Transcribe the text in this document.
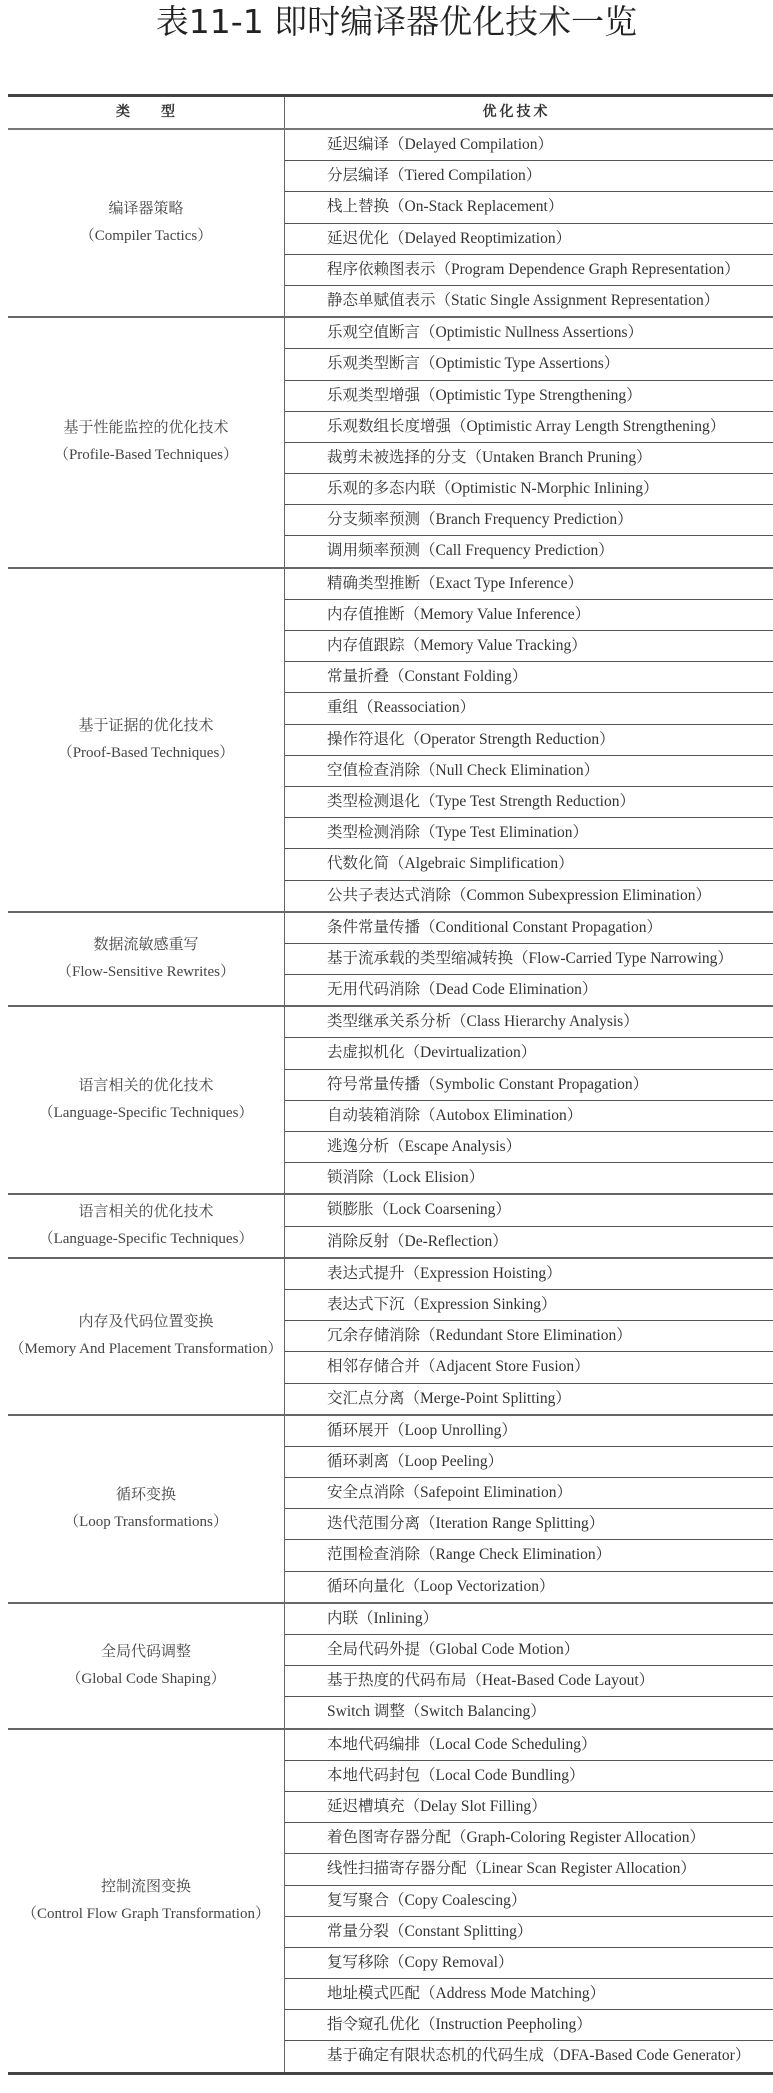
表11-1 即时编译器优化技术一览
类　　型	优化技术
编译器策略
（Compiler Tactics）
延迟编译（Delayed Compilation）
分层编译（Tiered Compilation）
栈上替换（On-Stack Replacement）
延迟优化（Delayed Reoptimization）
程序依赖图表示（Program Dependence Graph Representation）
静态单赋值表示（Static Single Assignment Representation）
基于性能监控的优化技术
（Profile-Based Techniques）
乐观空值断言（Optimistic Nullness Assertions）
乐观类型断言（Optimistic Type Assertions）
乐观类型增强（Optimistic Type Strengthening）
乐观数组长度增强（Optimistic Array Length Strengthening）
裁剪未被选择的分支（Untaken Branch Pruning）
乐观的多态内联（Optimistic N-Morphic Inlining）
分支频率预测（Branch Frequency Prediction）
调用频率预测（Call Frequency Prediction）
基于证据的优化技术
（Proof-Based Techniques）
精确类型推断（Exact Type Inference）
内存值推断（Memory Value Inference）
内存值跟踪（Memory Value Tracking）
常量折叠（Constant Folding）
重组（Reassociation）
操作符退化（Operator Strength Reduction）
空值检查消除（Null Check Elimination）
类型检测退化（Type Test Strength Reduction）
类型检测消除（Type Test Elimination）
代数化简（Algebraic Simplification）
公共子表达式消除（Common Subexpression Elimination）
数据流敏感重写
（Flow-Sensitive Rewrites）
条件常量传播（Conditional Constant Propagation）
基于流承载的类型缩减转换（Flow-Carried Type Narrowing）
无用代码消除（Dead Code Elimination）
语言相关的优化技术
（Language-Specific Techniques）
类型继承关系分析（Class Hierarchy Analysis）
去虚拟机化（Devirtualization）
符号常量传播（Symbolic Constant Propagation）
自动装箱消除（Autobox Elimination）
逃逸分析（Escape Analysis）
锁消除（Lock Elision）
语言相关的优化技术
（Language-Specific Techniques）
锁膨胀（Lock Coarsening）
消除反射（De-Reflection）
内存及代码位置变换
（Memory And Placement Transformation）
表达式提升（Expression Hoisting）
表达式下沉（Expression Sinking）
冗余存储消除（Redundant Store Elimination）
相邻存储合并（Adjacent Store Fusion）
交汇点分离（Merge-Point Splitting）
循环变换
（Loop Transformations）
循环展开（Loop Unrolling）
循环剥离（Loop Peeling）
安全点消除（Safepoint Elimination）
迭代范围分离（Iteration Range Splitting）
范围检查消除（Range Check Elimination）
循环向量化（Loop Vectorization）
全局代码调整
（Global Code Shaping）
内联（Inlining）
全局代码外提（Global Code Motion）
基于热度的代码布局（Heat-Based Code Layout）
Switch 调整（Switch Balancing）
控制流图变换
（Control Flow Graph Transformation）
本地代码编排（Local Code Scheduling）
本地代码封包（Local Code Bundling）
延迟槽填充（Delay Slot Filling）
着色图寄存器分配（Graph-Coloring Register Allocation）
线性扫描寄存器分配（Linear Scan Register Allocation）
复写聚合（Copy Coalescing）
常量分裂（Constant Splitting）
复写移除（Copy Removal）
地址模式匹配（Address Mode Matching）
指令窥孔优化（Instruction Peepholing）
基于确定有限状态机的代码生成（DFA-Based Code Generator）
